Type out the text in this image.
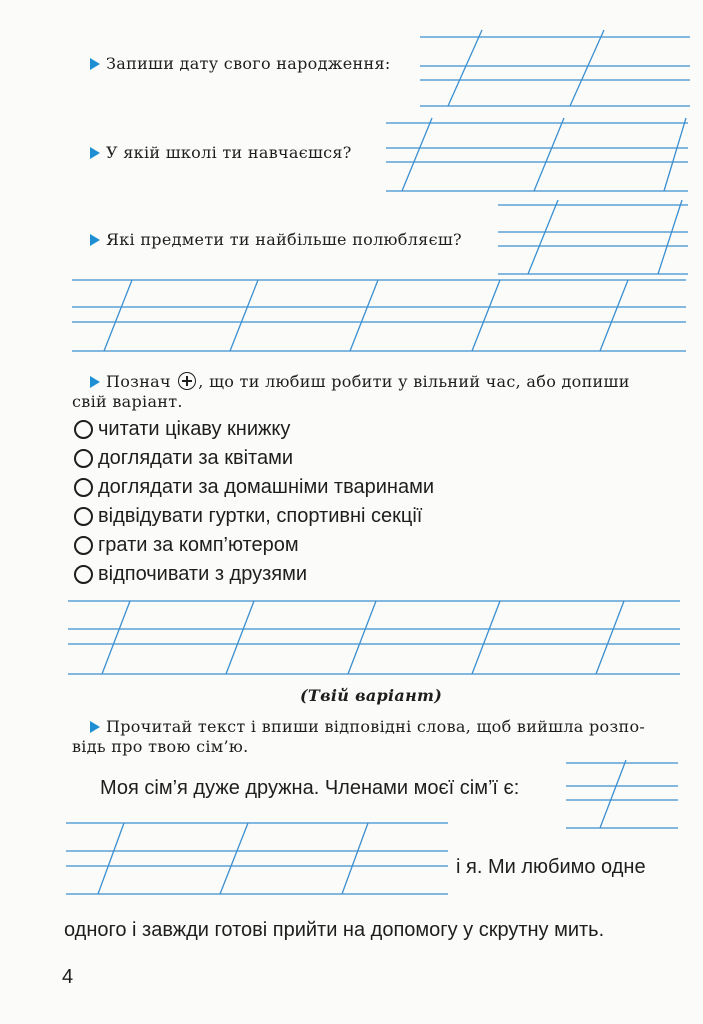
Запиши дату свого народження:
У якій школі ти навчаєшся?
Які предмети ти найбільше полюбляєш?
Познач , що ти любиш робити у вільний час, або допиши
свій варіант.
читати цікаву книжку
доглядати за квітами
доглядати за домашніми тваринами
відвідувати гуртки, спортивні секції
грати за комп’ютером
відпочивати з друзями
(Твій варіант)
Прочитай текст і впиши відповідні слова, щоб вийшла розпо-
відь про твою сім’ю.
Моя сім’я дуже дружна. Членами моєї сім’ї є:
і я. Ми любимо одне
одного і завжди готові прийти на допомогу у скрутну мить.
4
